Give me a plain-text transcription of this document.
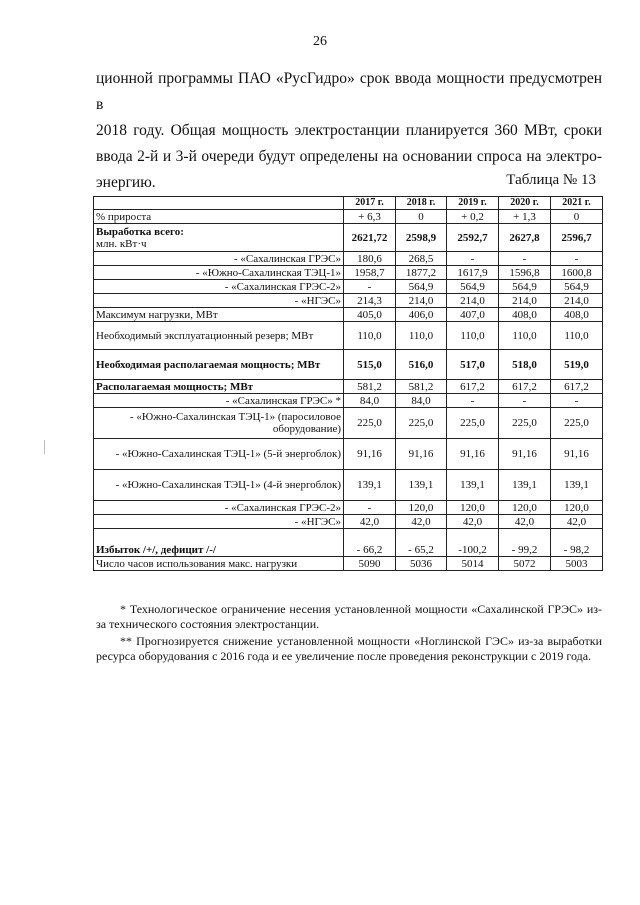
26

ционной программы ПАО «РусГидро» срок ввода мощности предусмотрен в
2018 году. Общая мощность электростанции планируется 360 МВт, сроки
ввода 2-й и 3-й очереди будут определены на основании спроса на электро-
энергию.	Таблица № 13
	2017 г.	2018 г.	2019 г.	2020 г.	2021 г.
% прироста	+ 6,3	0	+ 0,2	+ 1,3	0
Выработка всего:
млн. кВт·ч	2621,72	2598,9	2592,7	2627,8	2596,7
- «Сахалинская ГРЭС»	180,6	268,5	-	-	-
- «Южно-Сахалинская ТЭЦ-1»	1958,7	1877,2	1617,9	1596,8	1600,8
- «Сахалинская ГРЭС-2»	-	564,9	564,9	564,9	564,9
- «НГЭС»	214,3	214,0	214,0	214,0	214,0
Максимум нагрузки, МВт	405,0	406,0	407,0	408,0	408,0
Необходимый эксплуатационный резерв; МВт	110,0	110,0	110,0	110,0	110,0
Необходимая располагаемая мощность; МВт	515,0	516,0	517,0	518,0	519,0
Располагаемая мощность; МВт	581,2	581,2	617,2	617,2	617,2
- «Сахалинская ГРЭС» *	84,0	84,0	-	-	-
- «Южно-Сахалинская ТЭЦ-1» (паросиловое оборудование)	225,0	225,0	225,0	225,0	225,0
- «Южно-Сахалинская ТЭЦ-1» (5-й энергоблок)	91,16	91,16	91,16	91,16	91,16
- «Южно-Сахалинская ТЭЦ-1» (4-й энергоблок)	139,1	139,1	139,1	139,1	139,1
- «Сахалинская ГРЭС-2»	-	120,0	120,0	120,0	120,0
- «НГЭС»	42,0	42,0	42,0	42,0	42,0
Избыток /+/, дефицит /-/	- 66,2	- 65,2	-100,2	- 99,2	- 98,2
Число часов использования макс. нагрузки	5090	5036	5014	5072	5003

* Технологическое ограничение несения установленной мощности «Сахалинской ГРЭС» из-за технического состояния электростанции.

** Прогнозируется снижение установленной мощности «Ноглинской ГЭС» из-за выработки ресурса оборудования с 2016 года и ее увеличение после проведения реконструкции с 2019 года.
